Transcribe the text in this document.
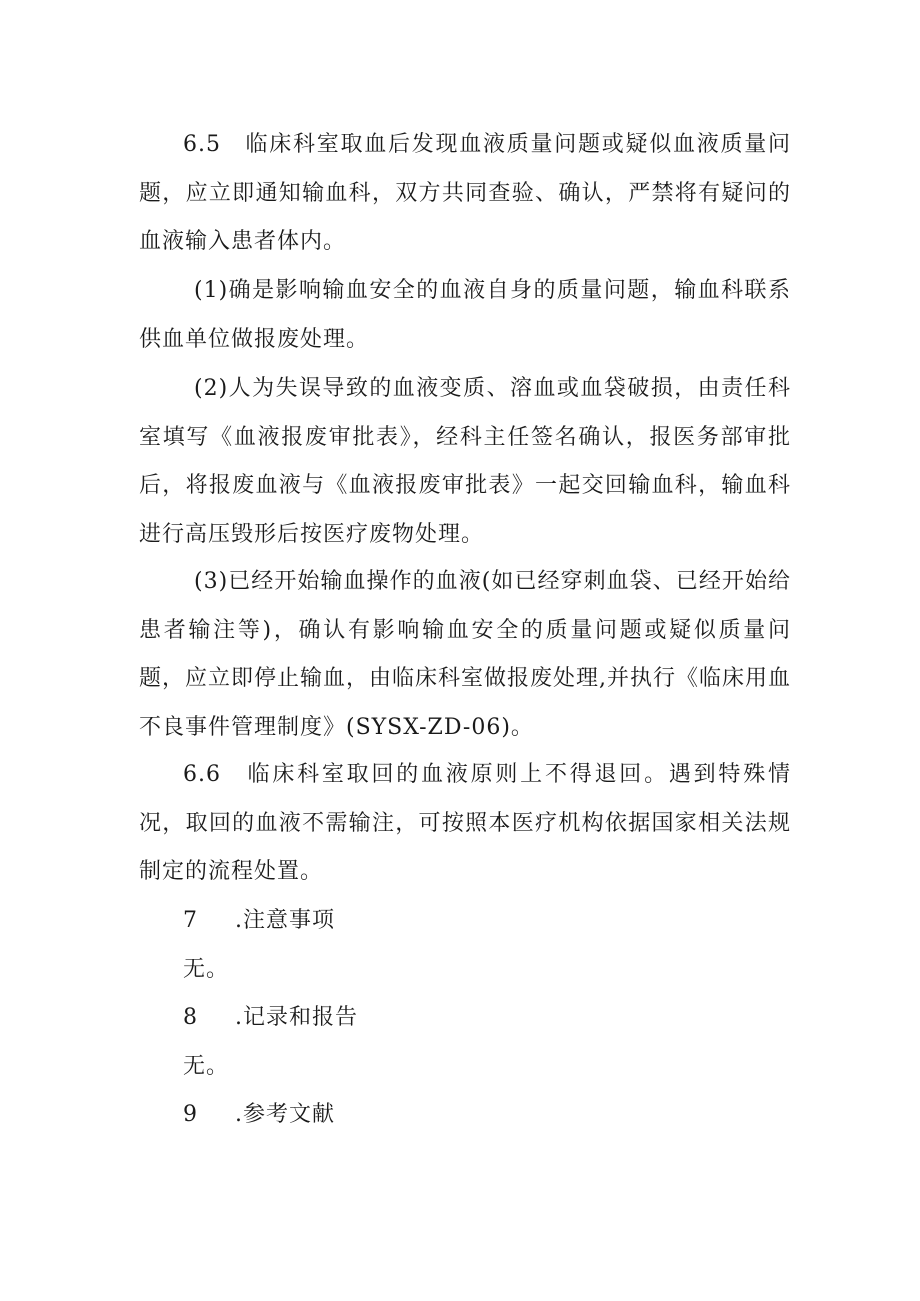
6.5　临床科室取血后发现血液质量问题或疑似血液质量问题，应立即通知输血科，双方共同查验、确认，严禁将有疑问的血液输入患者体内。

(1)确是影响输血安全的血液自身的质量问题，输血科联系供血单位做报废处理。

(2)人为失误导致的血液变质、溶血或血袋破损，由责任科室填写《血液报废审批表》，经科主任签名确认，报医务部审批后，将报废血液与《血液报废审批表》一起交回输血科，输血科进行高压毁形后按医疗废物处理。

(3)已经开始输血操作的血液(如已经穿刺血袋、已经开始给患者输注等)，确认有影响输血安全的质量问题或疑似质量问题，应立即停止输血，由临床科室做报废处理,并执行《临床用血不良事件管理制度》(SYSX-ZD-06)。

6.6　临床科室取回的血液原则上不得退回。遇到特殊情况，取回的血液不需输注，可按照本医疗机构依据国家相关法规制定的流程处置。

7 .注意事项

无。

8 .记录和报告

无。

9 .参考文献
